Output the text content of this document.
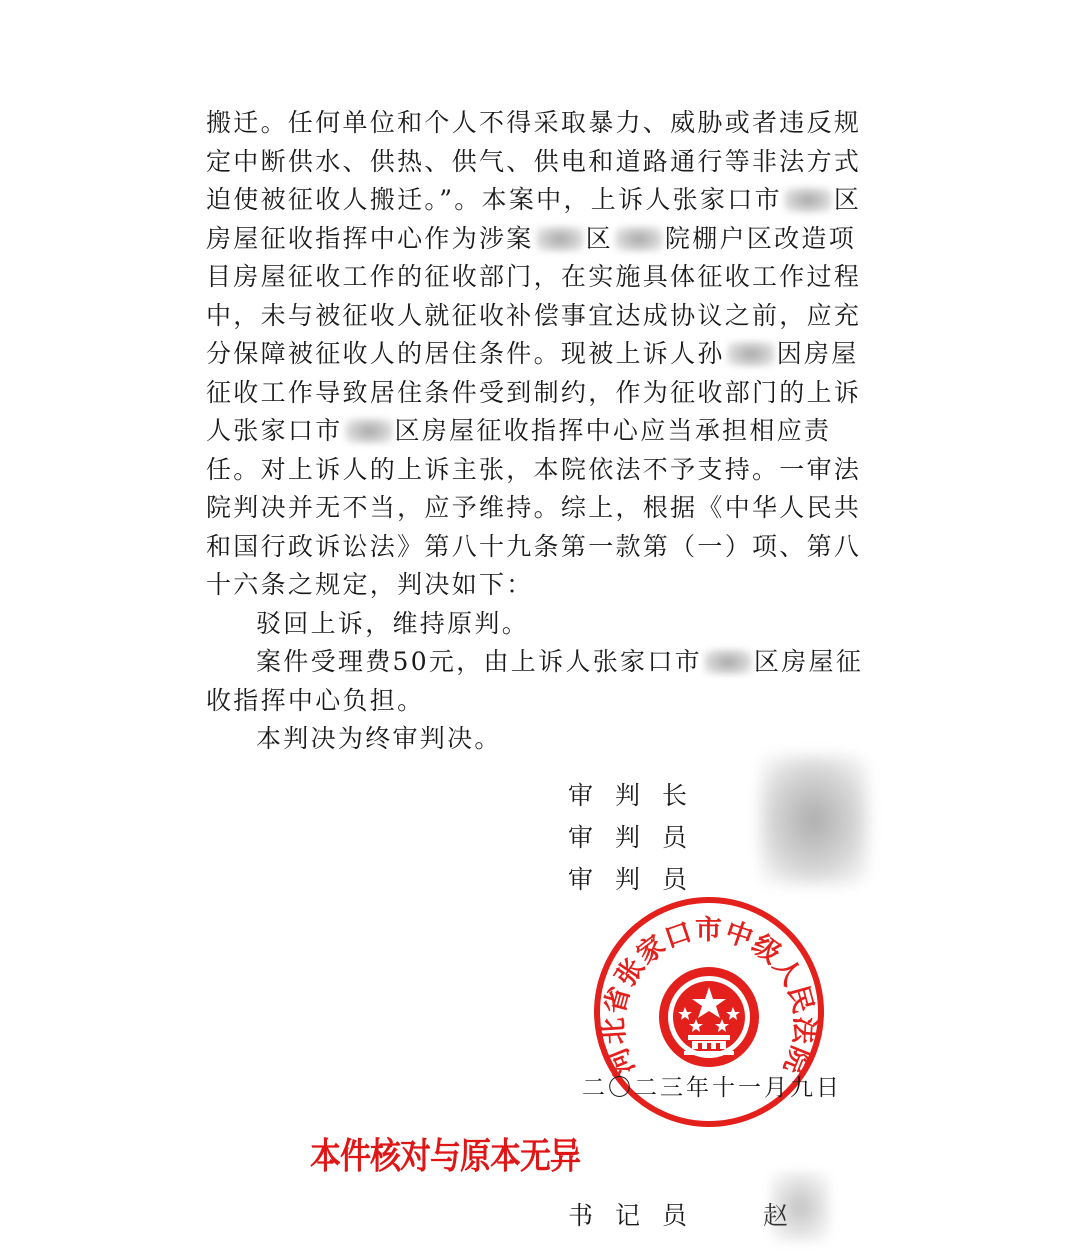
搬迁。任何单位和个人不得采取暴力、威胁或者违反规定中断供水、供热、供气、供电和道路通行等非法方式迫使被征收人搬迁。”。本案中，上诉人张家口市 区房屋征收指挥中心作为涉案 区 院棚户区改造项目房屋征收工作的征收部门，在实施具体征收工作过程中，未与被征收人就征收补偿事宜达成协议之前，应充分保障被征收人的居住条件。现被上诉人孙 因房屋征收工作导致居住条件受到制约，作为征收部门的上诉人张家口市 区房屋征收指挥中心应当承担相应责任。对上诉人的上诉主张，本院依法不予支持。一审法院判决并无不当，应予维持。综上，根据《中华人民共和国行政诉讼法》第八十九条第一款第（一）项、第八十六条之规定，判决如下：
驳回上诉，维持原判。
案件受理费50元，由上诉人张家口市 区房屋征收指挥中心负担。
本判决为终审判决。
审判长
审判员
审判员
河北省张家口市中级人民法院
二〇二三年十一月九日
本件核对与原本无异
书记员 赵
